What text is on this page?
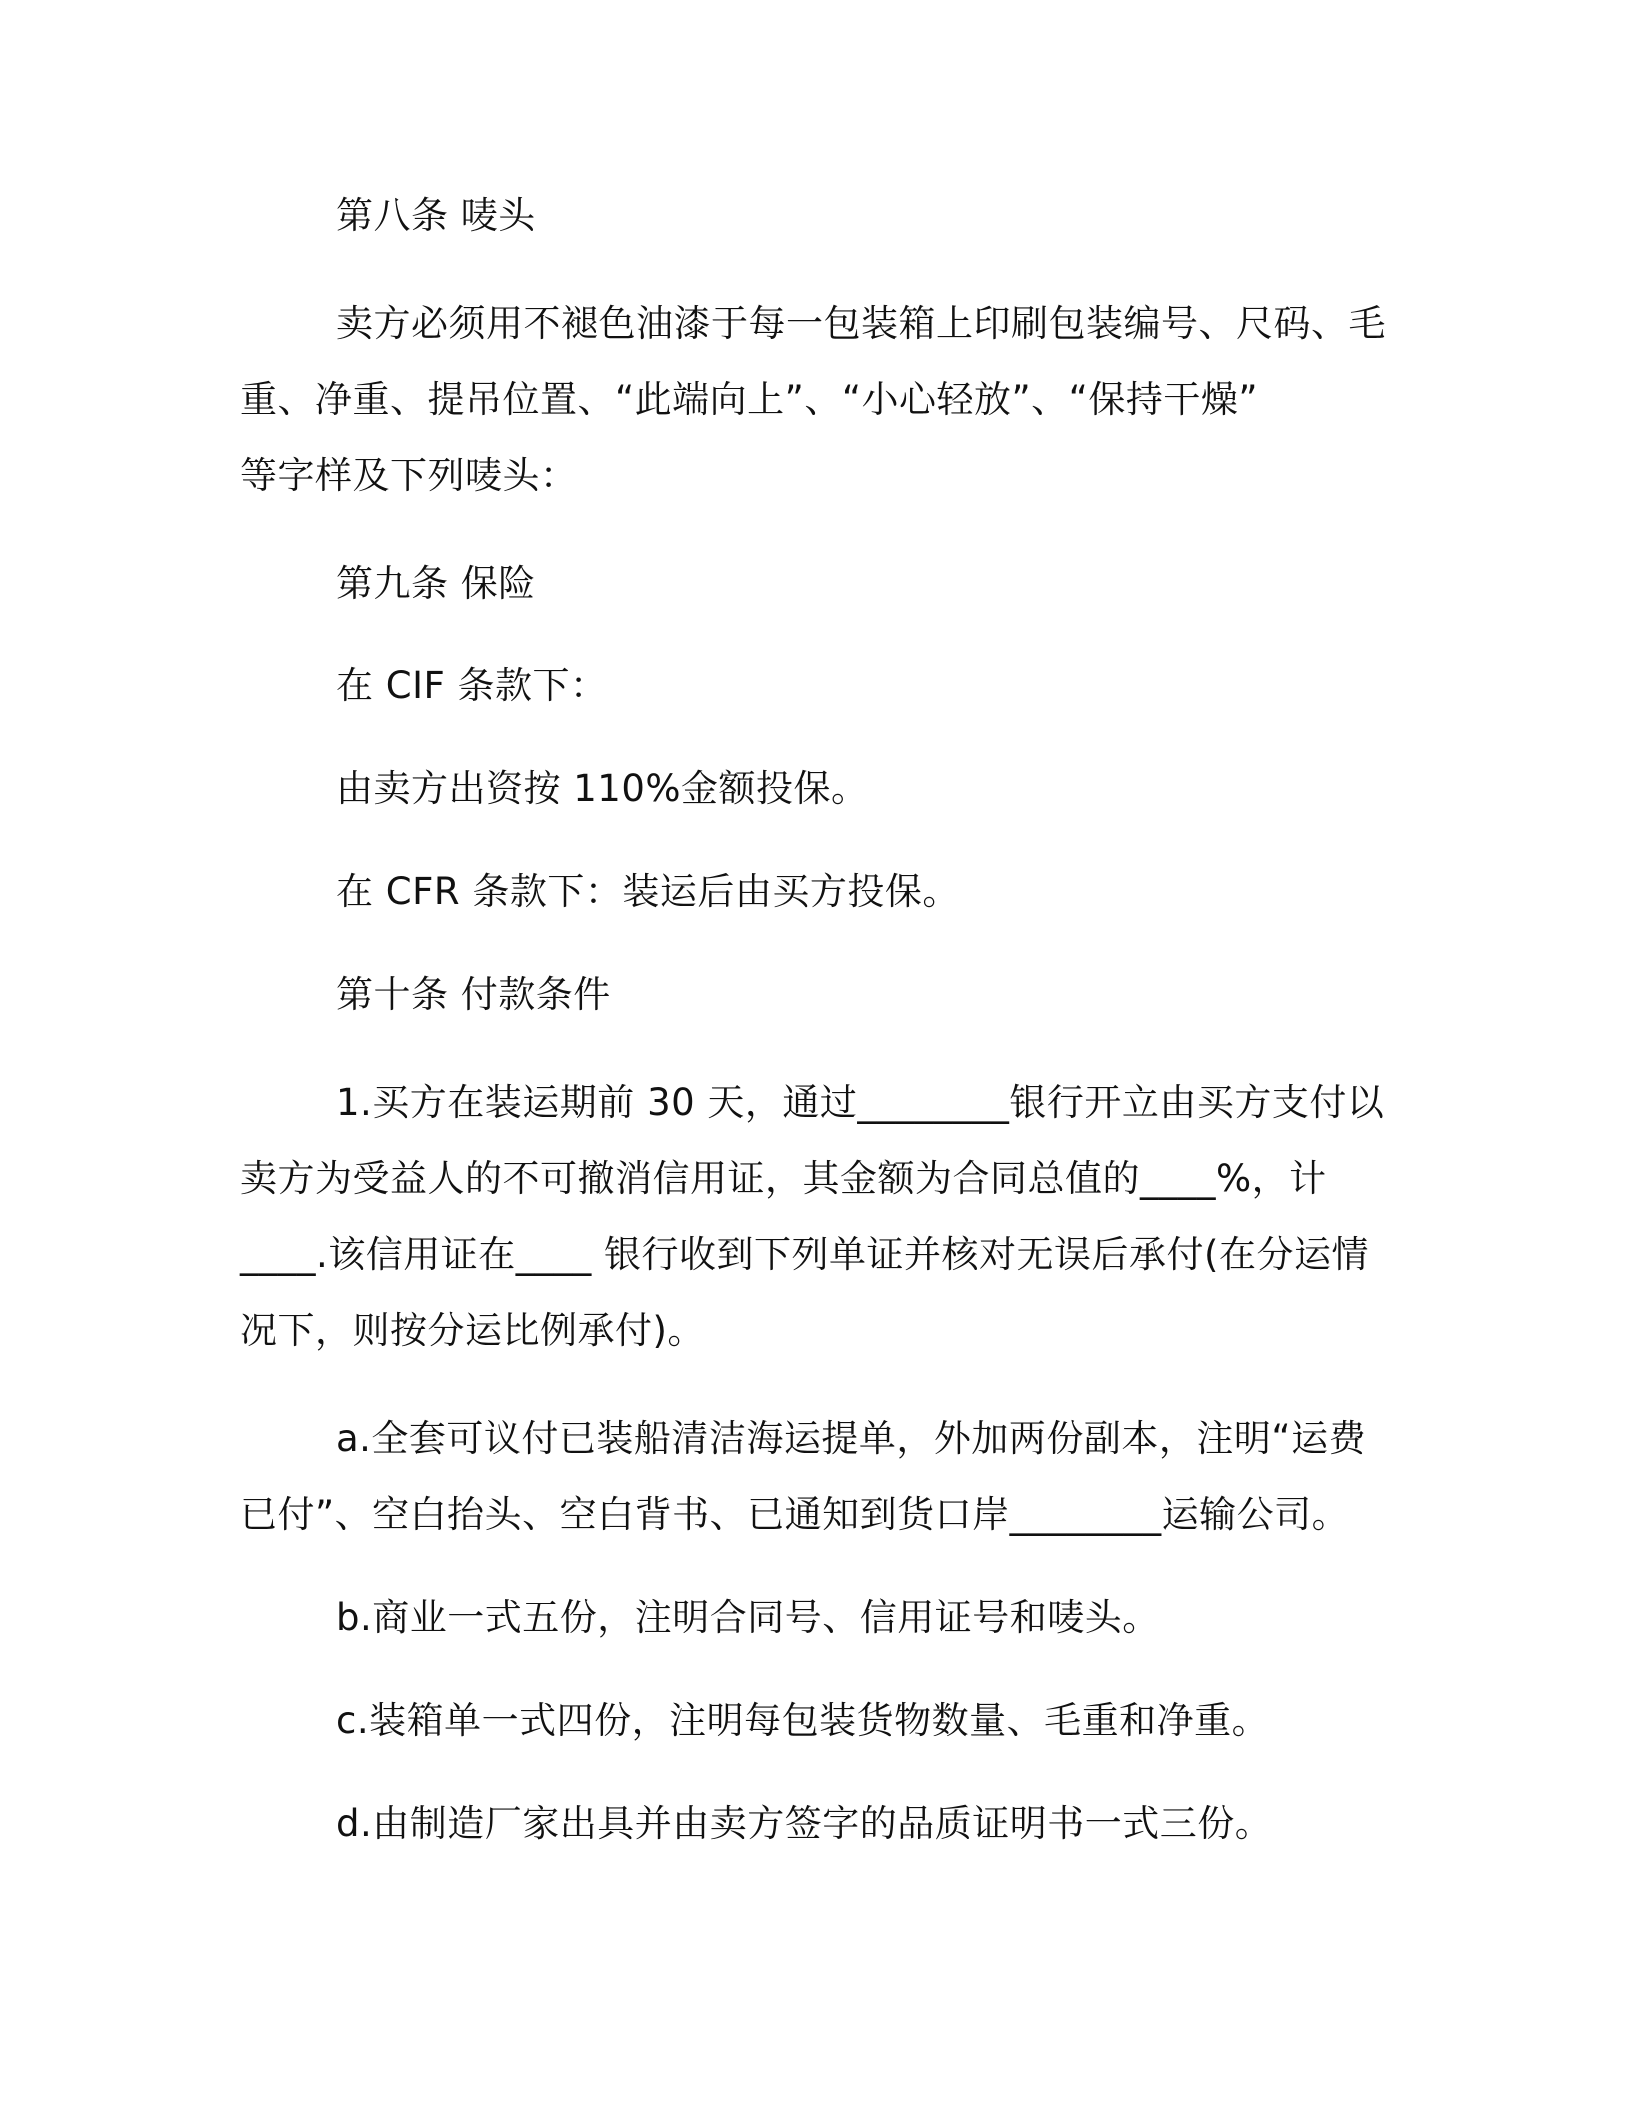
第八条 唛头
卖方必须用不褪色油漆于每一包装箱上印刷包装编号、尺码、毛
重、净重、提吊位置、“此端向上”、“小心轻放”、“保持干燥”
等字样及下列唛头：
第九条 保险
在 CIF 条款下：
由卖方出资按 110%金额投保。
在 CFR 条款下：装运后由买方投保。
第十条 付款条件
1.买方在装运期前 30 天，通过________银行开立由买方支付以
卖方为受益人的不可撤消信用证，其金额为合同总值的____%，计
____.该信用证在____ 银行收到下列单证并核对无误后承付(在分运情
况下，则按分运比例承付)。
a.全套可议付已装船清洁海运提单，外加两份副本，注明“运费
已付”、空白抬头、空白背书、已通知到货口岸________运输公司。
b.商业一式五份，注明合同号、信用证号和唛头。
c.装箱单一式四份，注明每包装货物数量、毛重和净重。
d.由制造厂家出具并由卖方签字的品质证明书一式三份。
